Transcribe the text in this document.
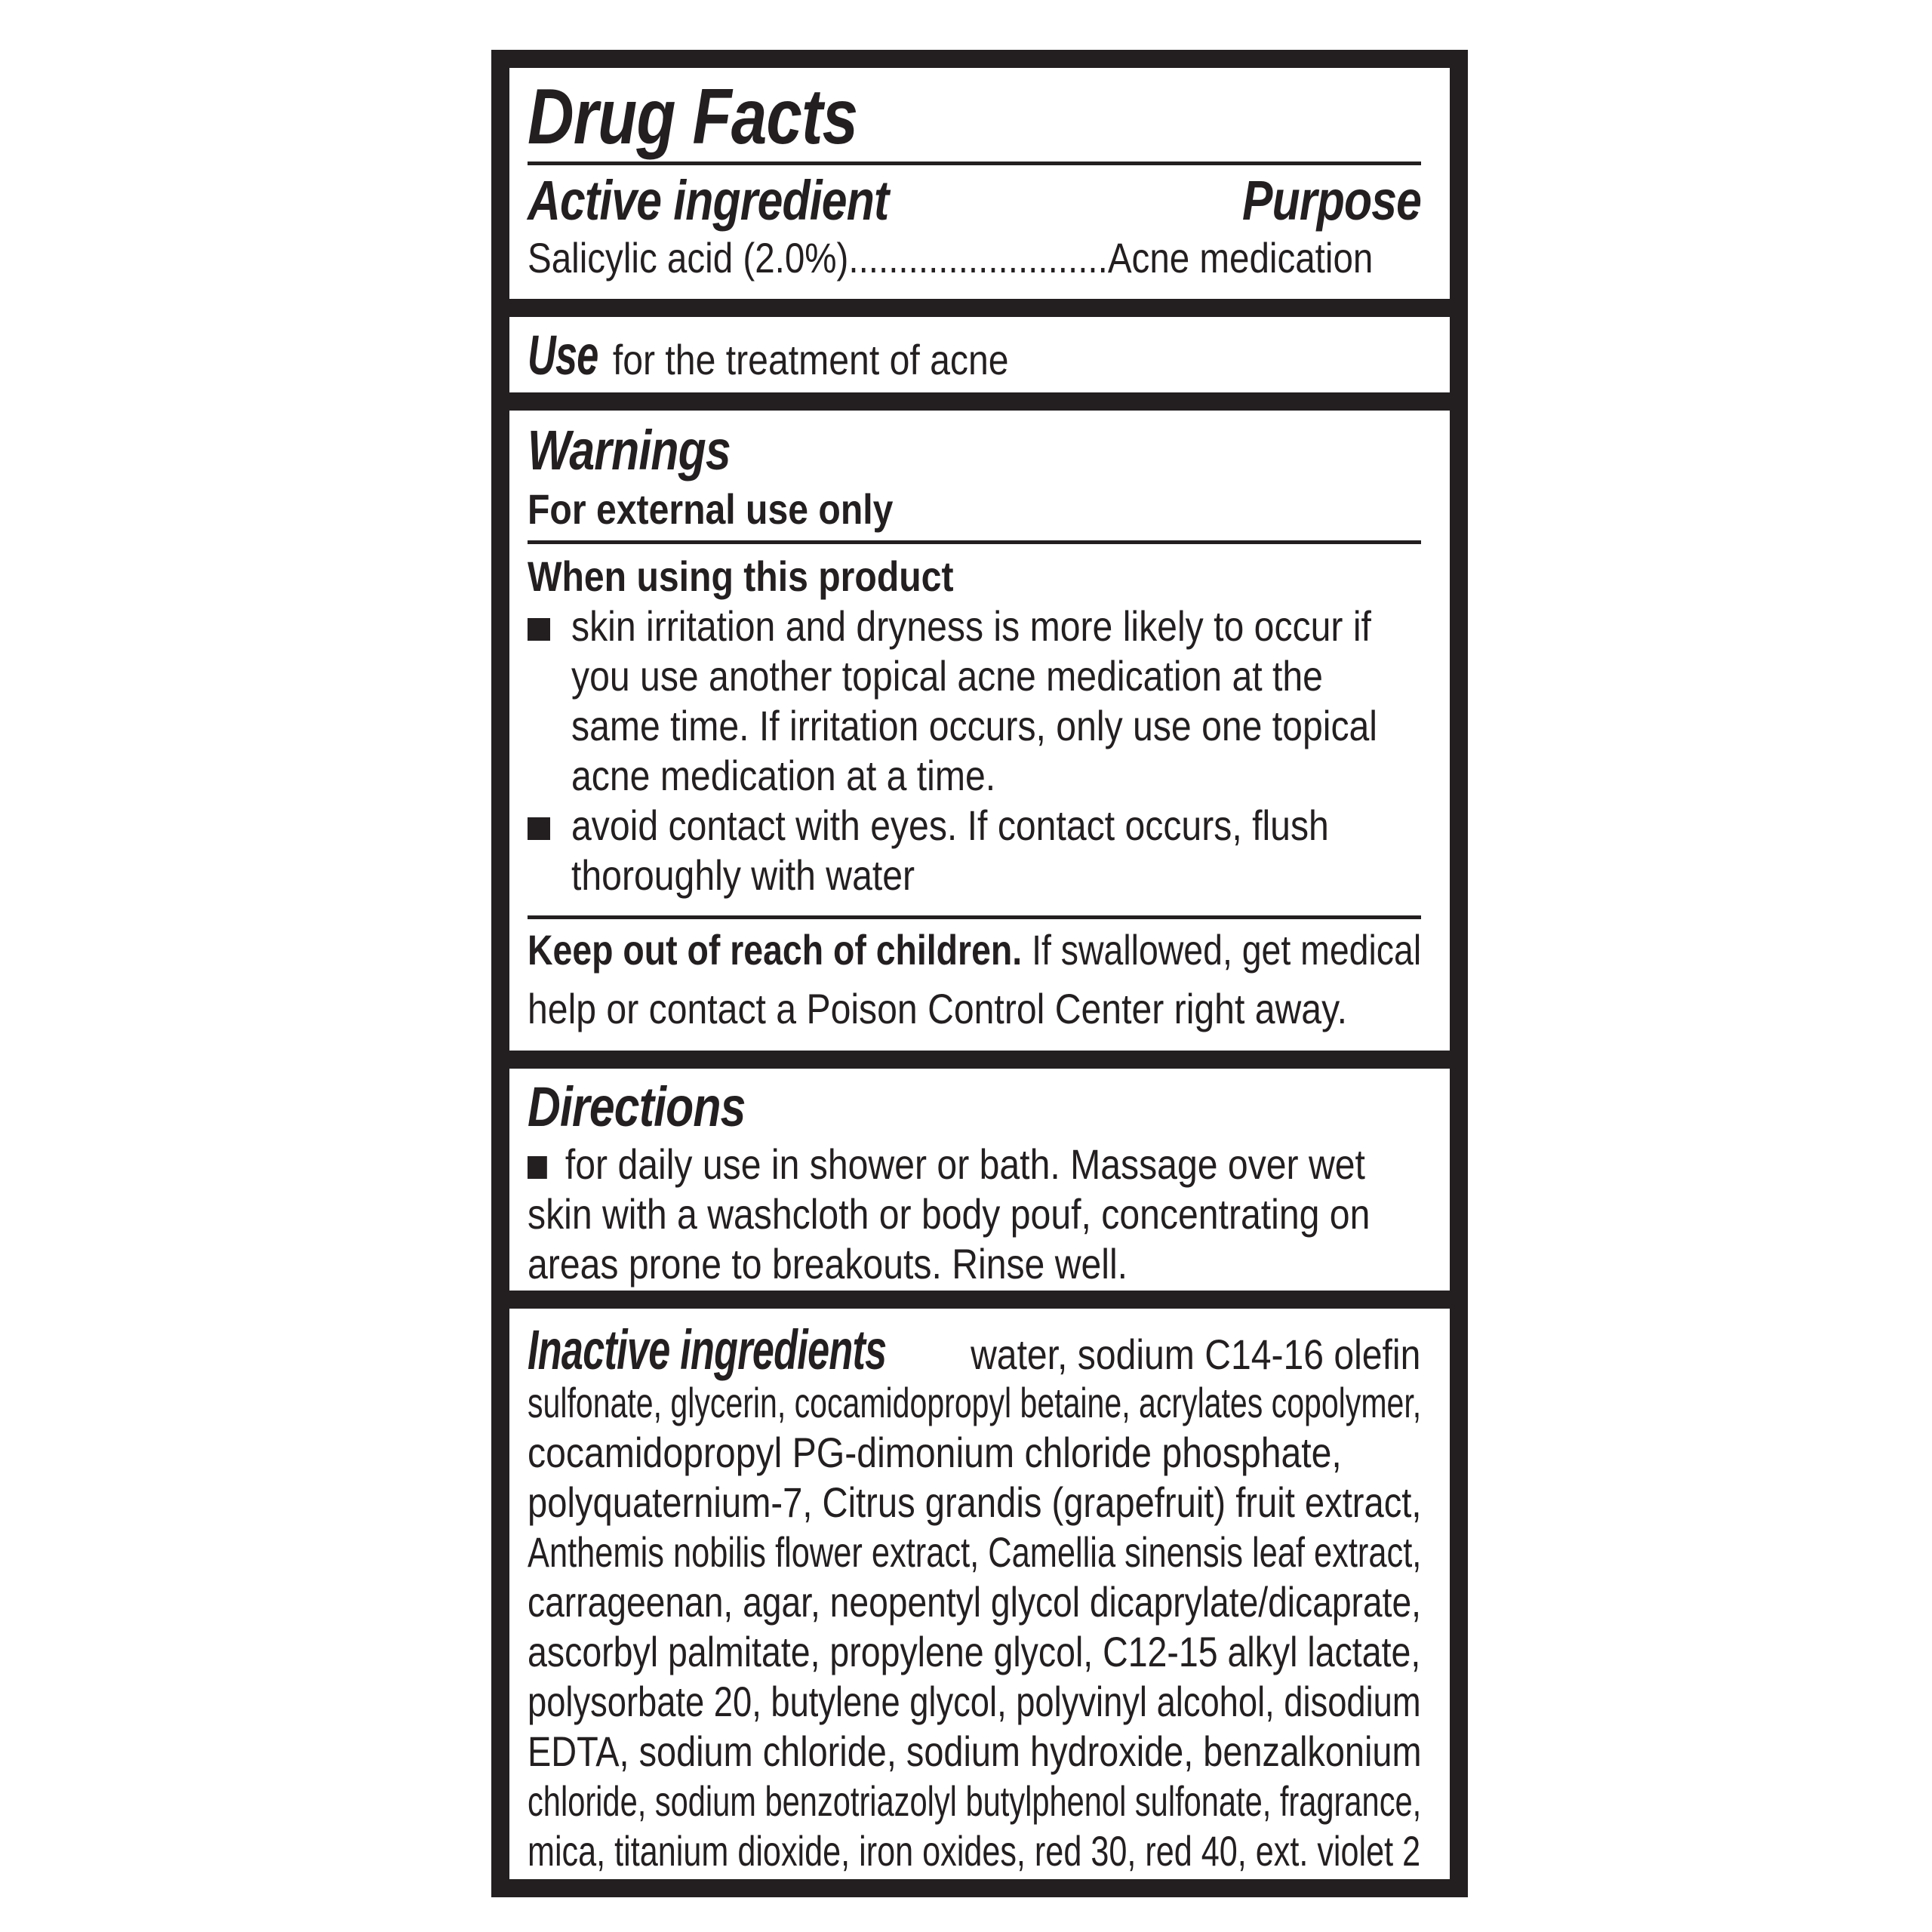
Drug Facts
Active ingredient	Purpose
Salicylic acid (2.0%)..........................Acne medication
Use for the treatment of acne
Warnings
For external use only
When using this product
skin irritation and dryness is more likely to occur if
you use another topical acne medication at the
same time. If irritation occurs, only use one topical
acne medication at a time.
avoid contact with eyes. If contact occurs, flush
thoroughly with water
Keep out of reach of children. If swallowed, get medical
help or contact a Poison Control Center right away.
Directions
for daily use in shower or bath. Massage over wet
skin with a washcloth or body pouf, concentrating on
areas prone to breakouts. Rinse well.
Inactive ingredients water, sodium C14-16 olefin
sulfonate, glycerin, cocamidopropyl betaine, acrylates copolymer,
cocamidopropyl PG-dimonium chloride phosphate,
polyquaternium-7, Citrus grandis (grapefruit) fruit extract,
Anthemis nobilis flower extract, Camellia sinensis leaf extract,
carrageenan, agar, neopentyl glycol dicaprylate/dicaprate,
ascorbyl palmitate, propylene glycol, C12-15 alkyl lactate,
polysorbate 20, butylene glycol, polyvinyl alcohol, disodium
EDTA, sodium chloride, sodium hydroxide, benzalkonium
chloride, sodium benzotriazolyl butylphenol sulfonate, fragrance,
mica, titanium dioxide, iron oxides, red 30, red 40, ext. violet 2
